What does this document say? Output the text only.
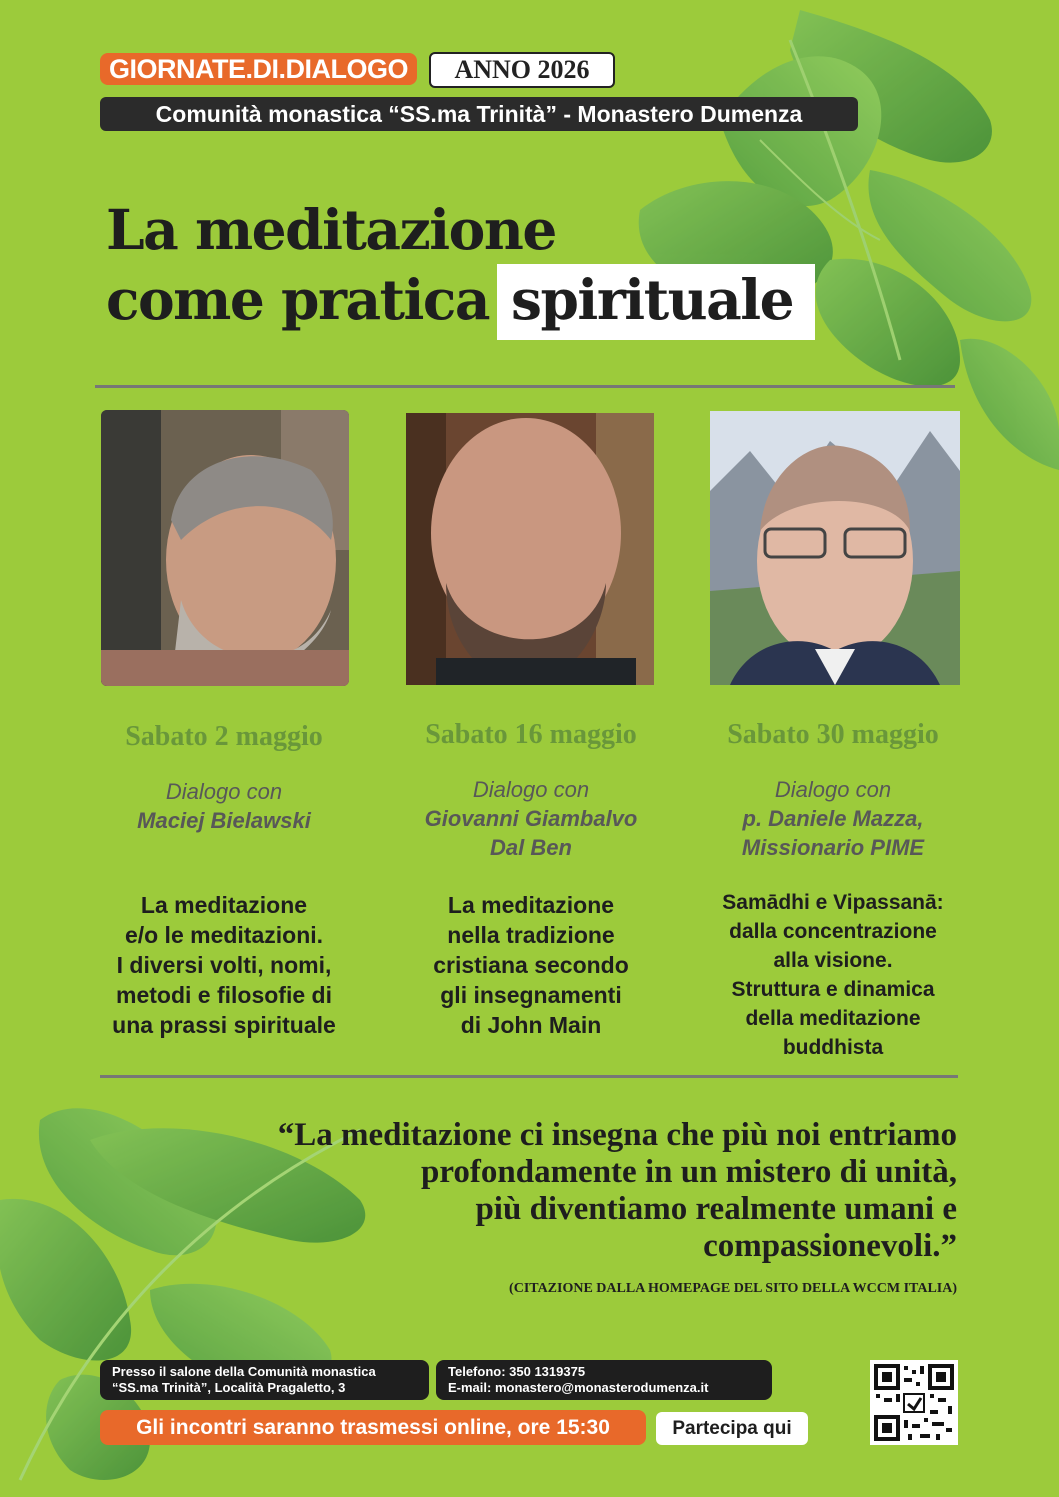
GIORNATE.DI.DIALOGO	ANNO 2026
Comunità monastica “SS.ma Trinità” - Monastero Dumenza
La meditazione
come pratica spirituale
Sabato 2 maggio
Dialogo con
Maciej Bielawski
La meditazione
e/o le meditazioni.
I diversi volti, nomi,
metodi e filosofie di
una prassi spirituale
Sabato 16 maggio
Dialogo con
Giovanni Giambalvo
Dal Ben
La meditazione
nella tradizione
cristiana secondo
gli insegnamenti
di John Main
Sabato 30 maggio
Dialogo con
p. Daniele Mazza,
Missionario PIME
Samādhi e Vipassanā:
dalla concentrazione
alla visione.
Struttura e dinamica
della meditazione
buddhista
“La meditazione ci insegna che più noi entriamo
profondamente in un mistero di unità,
più diventiamo realmente umani e
compassionevoli.”
(CITAZIONE DALLA HOMEPAGE DEL SITO DELLA WCCM ITALIA)
Presso il salone della Comunità monastica
“SS.ma Trinità”, Località Pragaletto, 3
Telefono: 350 1319375
E-mail: monastero@monasterodumenza.it
Gli incontri saranno trasmessi online, ore 15:30	Partecipa qui
